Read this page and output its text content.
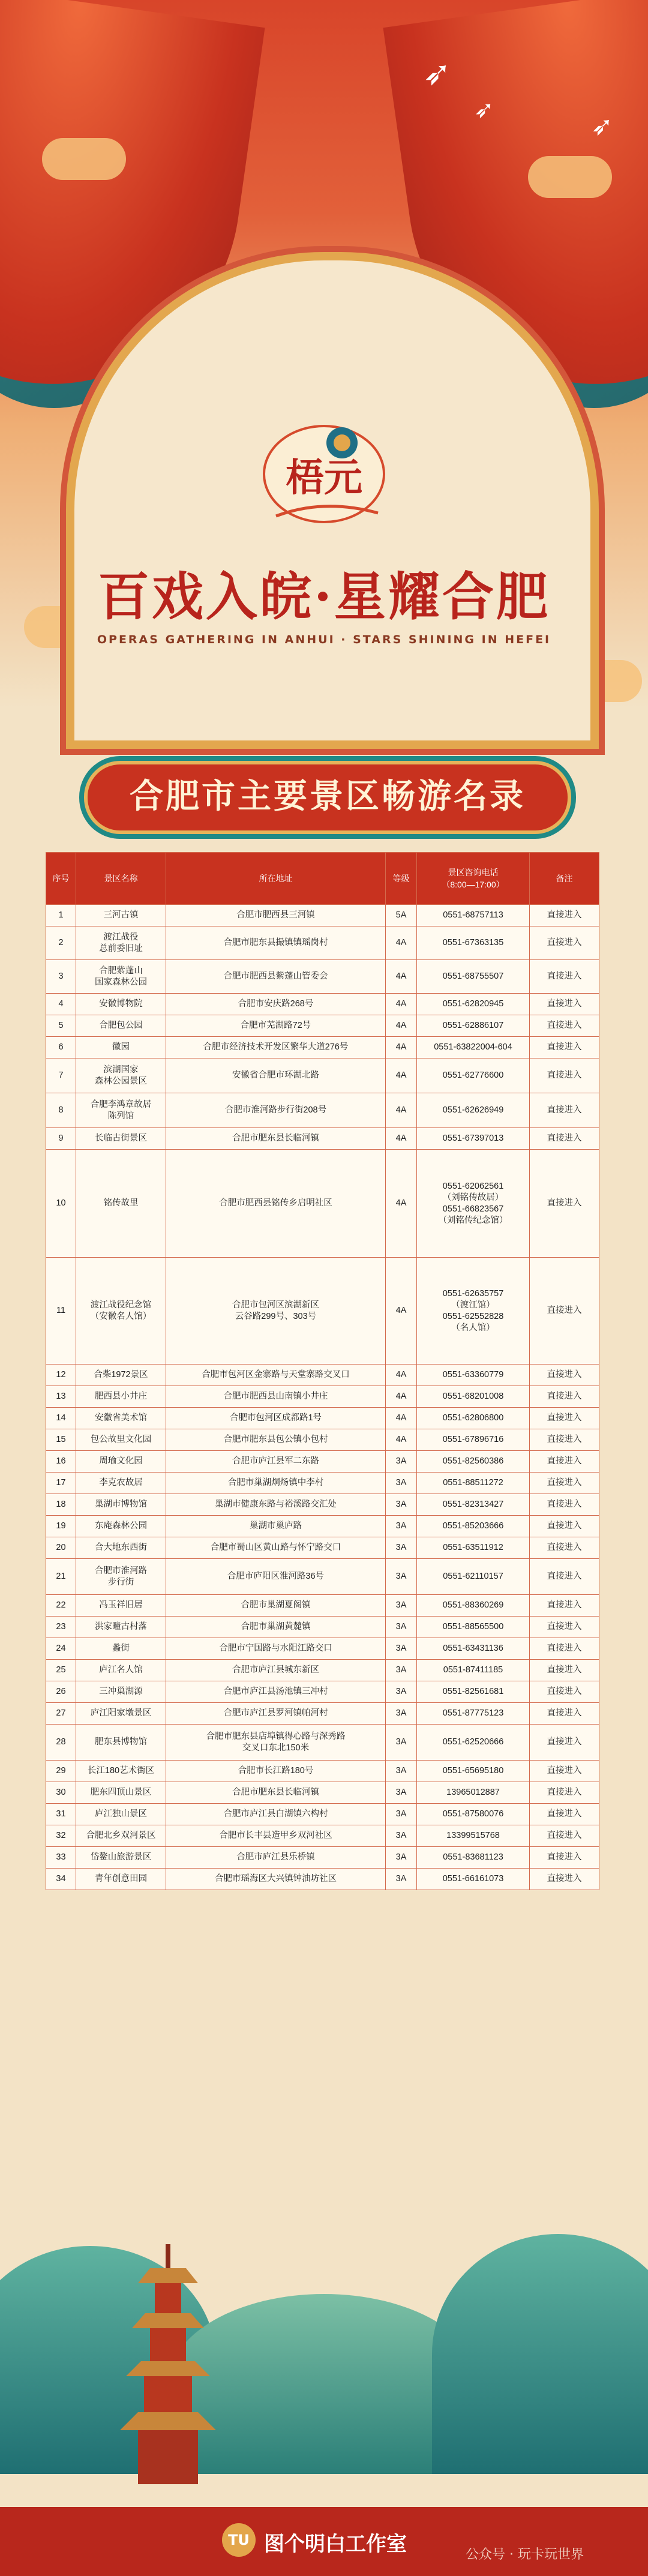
➶
➶
➶
梧元
百戏入皖·星耀合肥
OPERAS GATHERING IN ANHUI · STARS SHINING IN HEFEI
合肥市主要景区畅游名录
序号	景区名称	所在地址	等级	景区咨询电话
（8:00—17:00）	备注
1	三河古镇	合肥市肥西县三河镇	5A	0551-68757113	直接进入
2	渡江战役
总前委旧址	合肥市肥东县撮镇镇瑶岗村	4A	0551-67363135	直接进入
3	合肥紫蓬山
国家森林公园	合肥市肥西县紫蓬山管委会	4A	0551-68755507	直接进入
4	安徽博物院	合肥市安庆路268号	4A	0551-62820945	直接进入
5	合肥包公园	合肥市芜湖路72号	4A	0551-62886107	直接进入
6	徽园	合肥市经济技术开发区繁华大道276号	4A	0551-63822004-604	直接进入
7	滨湖国家
森林公园景区	安徽省合肥市环湖北路	4A	0551-62776600	直接进入
8	合肥李鸿章故居
陈列馆	合肥市淮河路步行街208号	4A	0551-62626949	直接进入
9	长临古街景区	合肥市肥东县长临河镇	4A	0551-67397013	直接进入
10	铭传故里	合肥市肥西县铭传乡启明社区	4A	0551-62062561
（刘铭传故居）
0551-66823567
（刘铭传纪念馆）	直接进入
11	渡江战役纪念馆
（安徽名人馆）	合肥市包河区滨湖新区
云谷路299号、303号	4A	0551-62635757
（渡江馆）
0551-62552828
（名人馆）	直接进入
12	合柴1972景区	合肥市包河区金寨路与天堂寨路交叉口	4A	0551-63360779	直接进入
13	肥西县小井庄	合肥市肥西县山南镇小井庄	4A	0551-68201008	直接进入
14	安徽省美术馆	合肥市包河区成都路1号	4A	0551-62806800	直接进入
15	包公故里文化园	合肥市肥东县包公镇小包村	4A	0551-67896716	直接进入
16	周瑜文化园	合肥市庐江县军二东路	3A	0551-82560386	直接进入
17	李克农故居	合肥市巢湖烔炀镇中李村	3A	0551-88511272	直接进入
18	巢湖市博物馆	巢湖市健康东路与裕溪路交汇处	3A	0551-82313427	直接进入
19	东庵森林公园	巢湖市巢庐路	3A	0551-85203666	直接进入
20	合大地东西街	合肥市蜀山区黄山路与怀宁路交口	3A	0551-63511912	直接进入
21	合肥市淮河路
步行街	合肥市庐阳区淮河路36号	3A	0551-62110157	直接进入
22	冯玉祥旧居	合肥市巢湖夏阁镇	3A	0551-88360269	直接进入
23	洪家疃古村落	合肥市巢湖黄麓镇	3A	0551-88565500	直接进入
24	蠡街	合肥市宁国路与水阳江路交口	3A	0551-63431136	直接进入
25	庐江名人馆	合肥市庐江县城东新区	3A	0551-87411185	直接进入
26	三冲巢湖源	合肥市庐江县汤池镇三冲村	3A	0551-82561681	直接进入
27	庐江阳家墩景区	合肥市庐江县罗河镇帕河村	3A	0551-87775123	直接进入
28	肥东县博物馆	合肥市肥东县店埠镇得心路与深秀路
交叉口东北150米	3A	0551-62520666	直接进入
29	长江180艺术街区	合肥市长江路180号	3A	0551-65695180	直接进入
30	肥东四顶山景区	合肥市肥东县长临河镇	3A	13965012887	直接进入
31	庐江独山景区	合肥市庐江县白湖镇六构村	3A	0551-87580076	直接进入
32	合肥北乡双河景区	合肥市长丰县造甲乡双河社区	3A	13399515768	直接进入
33	岱鳌山旅游景区	合肥市庐江县乐桥镇	3A	0551-83681123	直接进入
34	青年创意田园	合肥市瑶海区大兴镇钟油坊社区	3A	0551-66161073	直接进入
TU 图个明白工作室	公众号 · 玩卡玩世界
